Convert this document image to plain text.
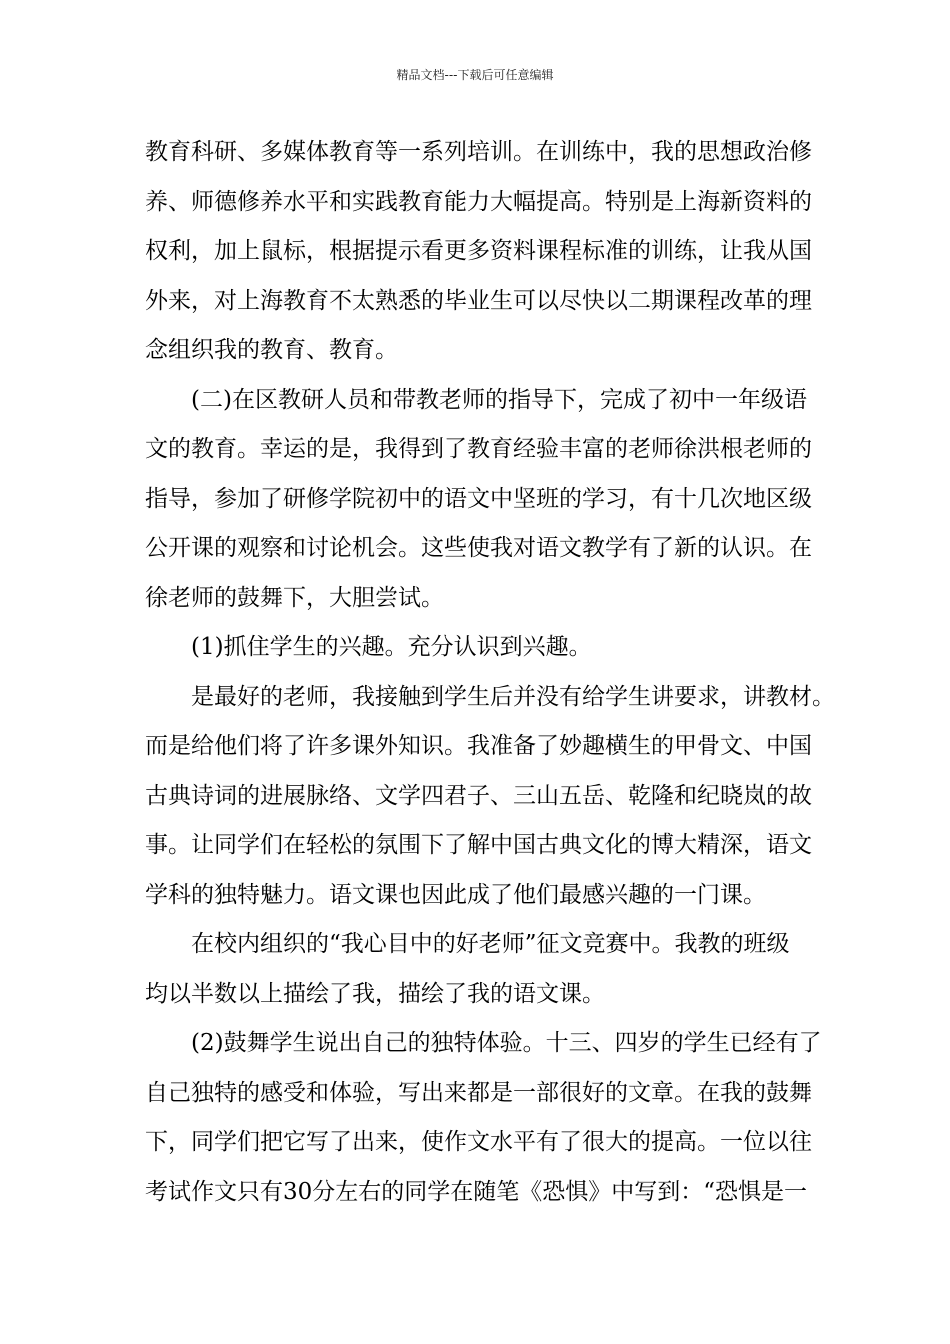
精品文档---下载后可任意编辑
教育科研、多媒体教育等一系列培训。在训练中，我的思想政治修
养、师德修养水平和实践教育能力大幅提高。特别是上海新资料的
权利，加上鼠标，根据提示看更多资料课程标准的训练，让我从国
外来，对上海教育不太熟悉的毕业生可以尽快以二期课程改革的理
念组织我的教育、教育。
(二)在区教研人员和带教老师的指导下，完成了初中一年级语
文的教育。幸运的是，我得到了教育经验丰富的老师徐洪根老师的
指导，参加了研修学院初中的语文中坚班的学习，有十几次地区级
公开课的观察和讨论机会。这些使我对语文教学有了新的认识。在
徐老师的鼓舞下，大胆尝试。
(1)抓住学生的兴趣。充分认识到兴趣。
是最好的老师，我接触到学生后并没有给学生讲要求，讲教材。
而是给他们将了许多课外知识。我准备了妙趣横生的甲骨文、中国
古典诗词的进展脉络、文学四君子、三山五岳、乾隆和纪晓岚的故
事。让同学们在轻松的氛围下了解中国古典文化的博大精深，语文
学科的独特魅力。语文课也因此成了他们最感兴趣的一门课。
在校内组织的“我心目中的好老师”征文竞赛中。我教的班级
均以半数以上描绘了我，描绘了我的语文课。
(2)鼓舞学生说出自己的独特体验。十三、四岁的学生已经有了
自己独特的感受和体验，写出来都是一部很好的文章。在我的鼓舞
下，同学们把它写了出来，使作文水平有了很大的提高。一位以往
考试作文只有30分左右的同学在随笔《恐惧》中写到：“恐惧是一
